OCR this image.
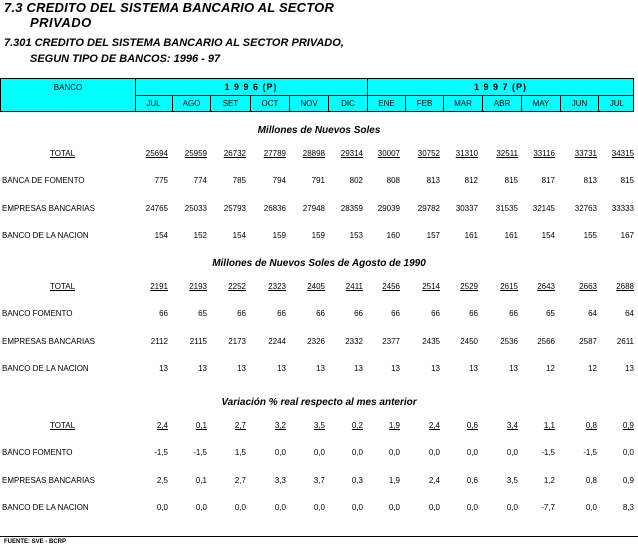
7.3 CREDITO DEL SISTEMA BANCARIO AL SECTOR
PRIVADO
7.301 CREDITO DEL SISTEMA BANCARIO AL SECTOR PRIVADO,
SEGUN TIPO DE BANCOS: 1996 - 97
BANCO	1 9 9 6 (P)	1 9 9 7 (P)
JUL	AGO	SET	OCT	NOV	DIC	ENE	FEB	MAR	ABR	MAY	JUN	JUL
Millones de Nuevos Soles
TOTAL	25694	25959	26732	27789	28898	29314	30007	30752	31310	32511	33116	33731	34315
BANCA DE FOMENTO	775	774	785	794	791	802	808	813	812	815	817	813	815
EMPRESAS BANCARIAS	24765	25033	25793	26836	27948	28359	29039	29782	30337	31535	32145	32763	33333
BANCO DE LA NACION	154	152	154	159	159	153	160	157	161	161	154	155	167
Millones de Nuevos Soles de Agosto de 1990
TOTAL	2191	2193	2252	2323	2405	2411	2456	2514	2529	2615	2643	2663	2688
BANCO FOMENTO	66	65	66	66	66	66	66	66	66	66	65	64	64
EMPRESAS BANCARIAS	2112	2115	2173	2244	2326	2332	2377	2435	2450	2536	2566	2587	2611
BANCO DE LA NACION	13	13	13	13	13	13	13	13	13	13	12	12	13
Variación % real respecto al mes anterior
TOTAL	2,4	0,1	2,7	3,2	3,5	0,2	1,9	2,4	0,6	3,4	1,1	0,8	0,9
BANCO FOMENTO	-1,5	-1,5	1,5	0,0	0,0	0,0	0,0	0,0	0,0	0,0	-1,5	-1,5	0,0
EMPRESAS BANCARIAS	2,5	0,1	2,7	3,3	3,7	0,3	1,9	2,4	0,6	3,5	1,2	0,8	0,9
BANCO DE LA NACION	0,0	0,0	0,0	0,0	0,0	0,0	0,0	0,0	0,0	0,0	-7,7	0,0	8,3
FUENTE: SVE - BCRP
